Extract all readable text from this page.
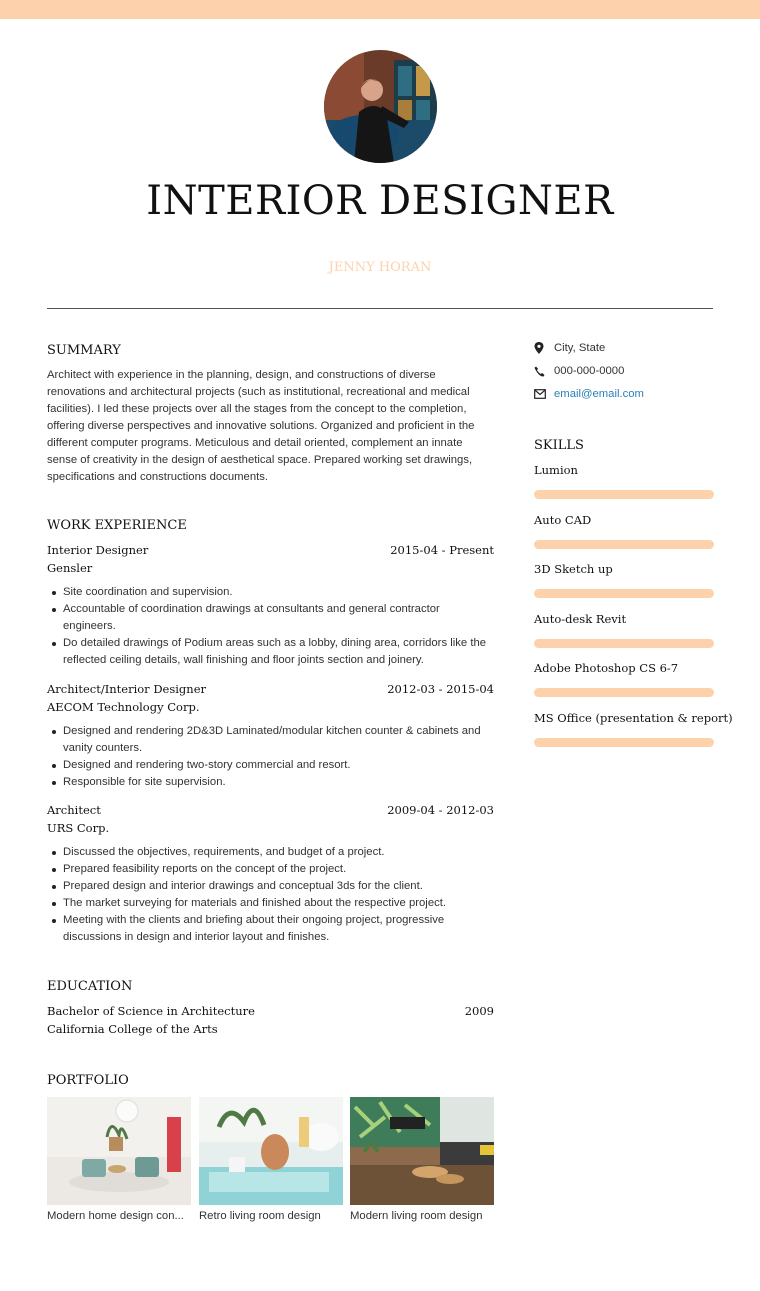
INTERIOR DESIGNER
JENNY HORAN
SUMMARY
Architect with experience in the planning, design, and constructions of diverse renovations and architectural projects (such as institutional, recreational and medical facilities). I led these projects over all the stages from the concept to the completion, offering diverse perspectives and innovative solutions. Organized and proficient in the different computer programs. Meticulous and detail oriented, complement an innate sense of creativity in the design of aesthetical space. Prepared working set drawings, specifications and constructions documents.
WORK EXPERIENCE
Interior Designer	2015-04 - Present
Gensler
Site coordination and supervision.
Accountable of coordination drawings at consultants and general contractor engineers.
Do detailed drawings of Podium areas such as a lobby, dining area, corridors like the reflected ceiling details, wall finishing and floor joints section and joinery.
Architect/Interior Designer	2012-03 - 2015-04
AECOM Technology Corp.
Designed and rendering 2D&3D Laminated/modular kitchen counter & cabinets and vanity counters.
Designed and rendering two-story commercial and resort.
Responsible for site supervision.
Architect	2009-04 - 2012-03
URS Corp.
Discussed the objectives, requirements, and budget of a project.
Prepared feasibility reports on the concept of the project.
Prepared design and interior drawings and conceptual 3ds for the client.
The market surveying for materials and finished about the respective project.
Meeting with the clients and briefing about their ongoing project, progressive discussions in design and interior layout and finishes.
EDUCATION
Bachelor of Science in Architecture	2009
California College of the Arts
PORTFOLIO
Modern home design con...	Retro living room design	Modern living room design
City, State
000-000-0000
email@email.com
SKILLS
Lumion
Auto CAD
3D Sketch up
Auto-desk Revit
Adobe Photoshop CS 6-7
MS Office (presentation & report)
